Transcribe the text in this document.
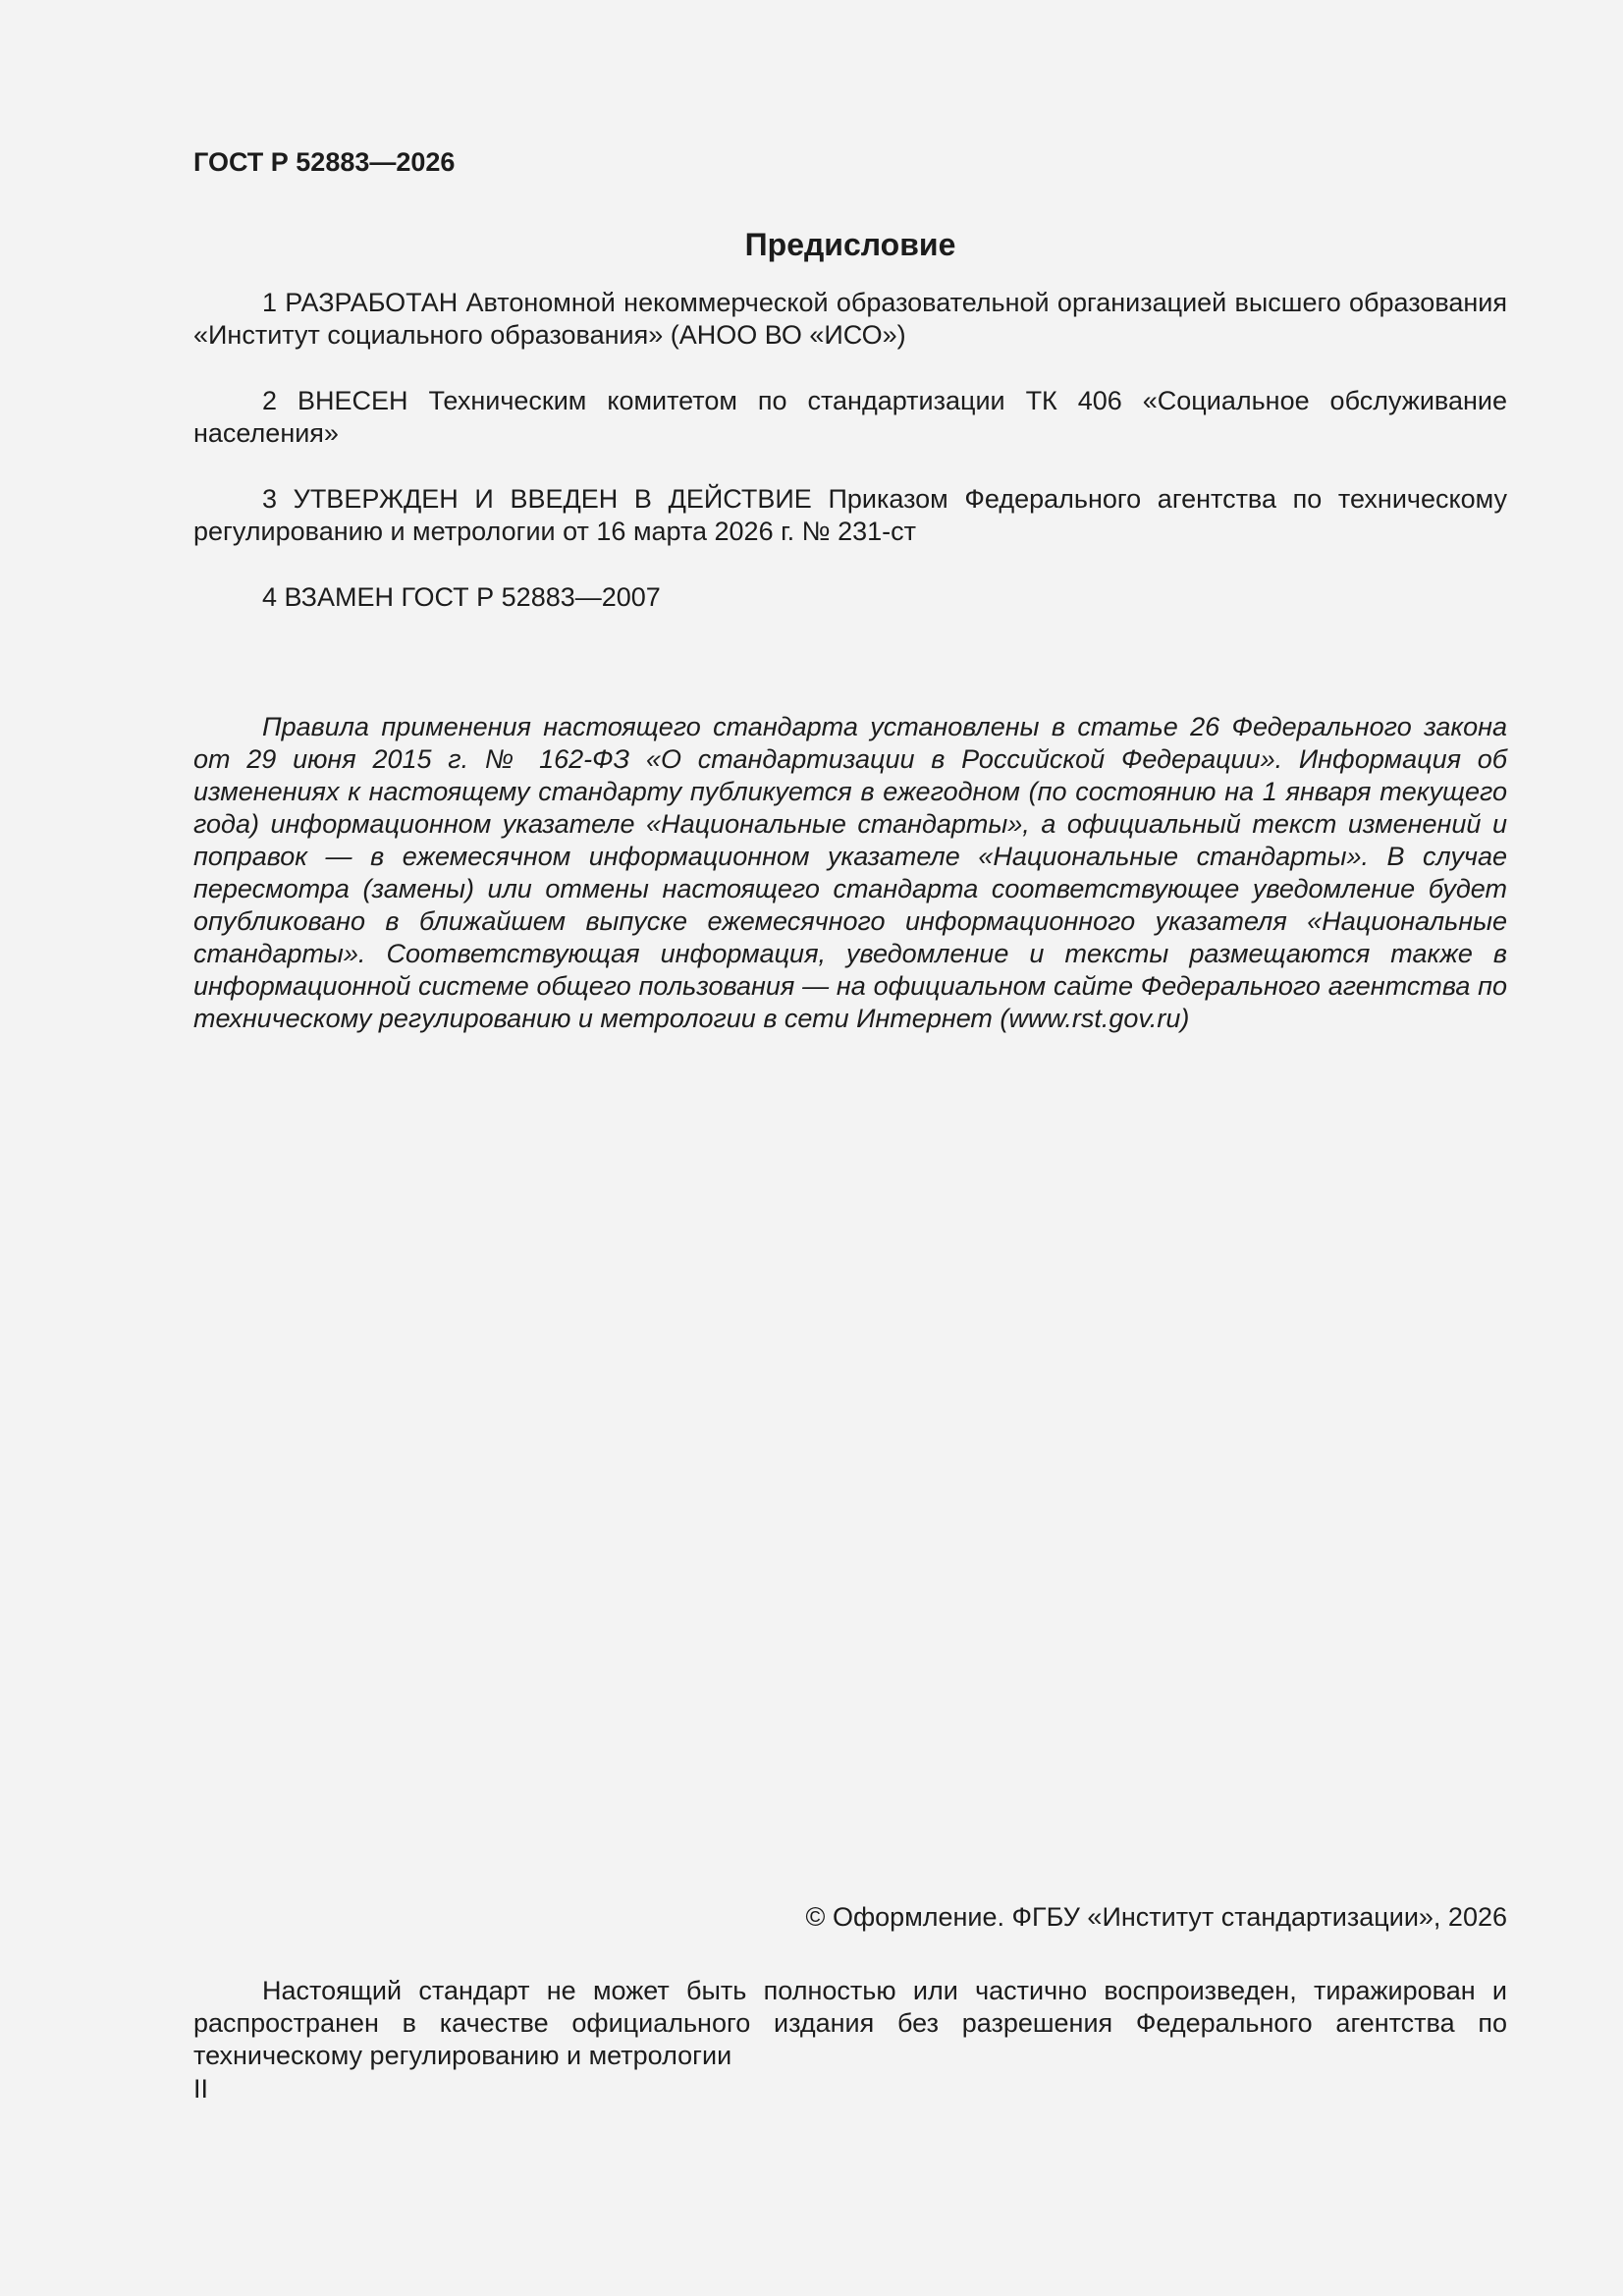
ГОСТ Р 52883—2026

Предисловие

1 РАЗРАБОТАН Автономной некоммерческой образовательной организацией высшего образования «Институт социального образования» (АНОО ВО «ИСО»)

2 ВНЕСЕН Техническим комитетом по стандартизации ТК 406 «Социальное обслуживание населения»

3 УТВЕРЖДЕН И ВВЕДЕН В ДЕЙСТВИЕ Приказом Федерального агентства по техническому регулированию и метрологии от 16 марта 2026 г. № 231-ст

4 ВЗАМЕН ГОСТ Р 52883—2007

Правила применения настоящего стандарта установлены в статье 26 Федерального закона от 29 июня 2015 г. № 162-ФЗ «О стандартизации в Российской Федерации». Информация об изменениях к настоящему стандарту публикуется в ежегодном (по состоянию на 1 января текущего года) информационном указателе «Национальные стандарты», а официальный текст изменений и поправок — в ежемесячном информационном указателе «Национальные стандарты». В случае пересмотра (замены) или отмены настоящего стандарта соответствующее уведомление будет опубликовано в ближайшем выпуске ежемесячного информационного указателя «Национальные стандарты». Соответствующая информация, уведомление и тексты размещаются также в информационной системе общего пользования — на официальном сайте Федерального агентства по техническому регулированию и метрологии в сети Интернет (www.rst.gov.ru)

© Оформление. ФГБУ «Институт стандартизации», 2026

Настоящий стандарт не может быть полностью или частично воспроизведен, тиражирован и распространен в качестве официального издания без разрешения Федерального агентства по техническому регулированию и метрологии

II
